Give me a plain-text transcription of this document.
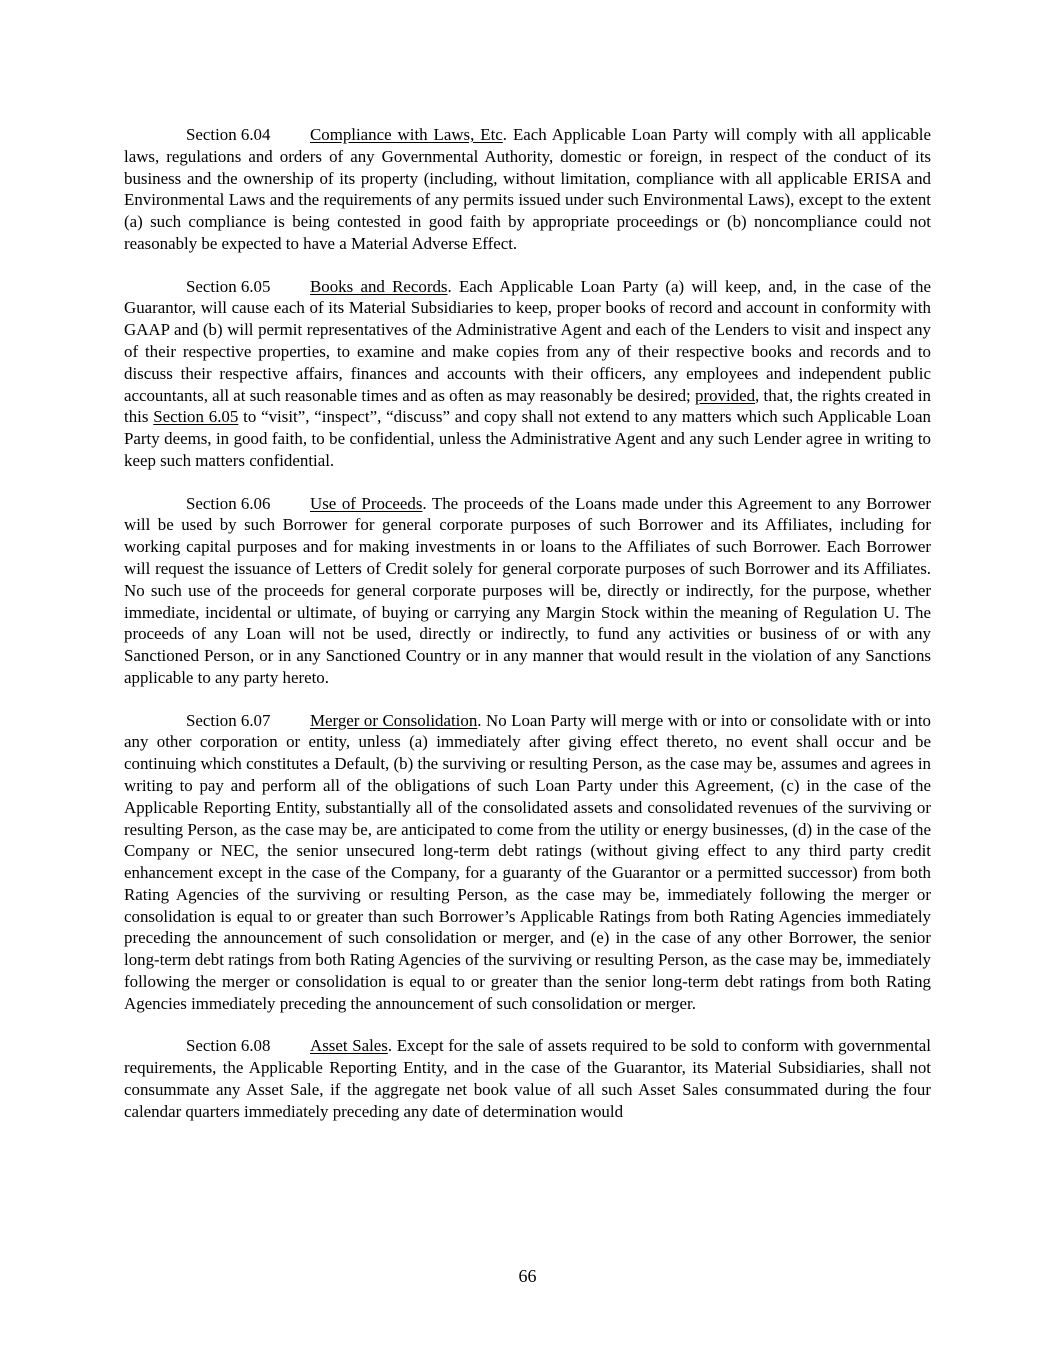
Section 6.04 Compliance with Laws, Etc. Each Applicable Loan Party will comply with all applicable laws, regulations and orders of any Governmental Authority, domestic or foreign, in respect of the conduct of its business and the ownership of its property (including, without limitation, compliance with all applicable ERISA and Environmental Laws and the requirements of any permits issued under such Environmental Laws), except to the extent (a) such compliance is being contested in good faith by appropriate proceedings or (b) noncompliance could not reasonably be expected to have a Material Adverse Effect.

Section 6.05 Books and Records. Each Applicable Loan Party (a) will keep, and, in the case of the Guarantor, will cause each of its Material Subsidiaries to keep, proper books of record and account in conformity with GAAP and (b) will permit representatives of the Administrative Agent and each of the Lenders to visit and inspect any of their respective properties, to examine and make copies from any of their respective books and records and to discuss their respective affairs, finances and accounts with their officers, any employees and independent public accountants, all at such reasonable times and as often as may reasonably be desired; provided, that, the rights created in this Section 6.05 to “visit”, “inspect”, “discuss” and copy shall not extend to any matters which such Applicable Loan Party deems, in good faith, to be confidential, unless the Administrative Agent and any such Lender agree in writing to keep such matters confidential.

Section 6.06 Use of Proceeds. The proceeds of the Loans made under this Agreement to any Borrower will be used by such Borrower for general corporate purposes of such Borrower and its Affiliates, including for working capital purposes and for making investments in or loans to the Affiliates of such Borrower. Each Borrower will request the issuance of Letters of Credit solely for general corporate purposes of such Borrower and its Affiliates. No such use of the proceeds for general corporate purposes will be, directly or indirectly, for the purpose, whether immediate, incidental or ultimate, of buying or carrying any Margin Stock within the meaning of Regulation U. The proceeds of any Loan will not be used, directly or indirectly, to fund any activities or business of or with any Sanctioned Person, or in any Sanctioned Country or in any manner that would result in the violation of any Sanctions applicable to any party hereto.

Section 6.07 Merger or Consolidation. No Loan Party will merge with or into or consolidate with or into any other corporation or entity, unless (a) immediately after giving effect thereto, no event shall occur and be continuing which constitutes a Default, (b) the surviving or resulting Person, as the case may be, assumes and agrees in writing to pay and perform all of the obligations of such Loan Party under this Agreement, (c) in the case of the Applicable Reporting Entity, substantially all of the consolidated assets and consolidated revenues of the surviving or resulting Person, as the case may be, are anticipated to come from the utility or energy businesses, (d) in the case of the Company or NEC, the senior unsecured long-term debt ratings (without giving effect to any third party credit enhancement except in the case of the Company, for a guaranty of the Guarantor or a permitted successor) from both Rating Agencies of the surviving or resulting Person, as the case may be, immediately following the merger or consolidation is equal to or greater than such Borrower’s Applicable Ratings from both Rating Agencies immediately preceding the announcement of such consolidation or merger, and (e) in the case of any other Borrower, the senior long-term debt ratings from both Rating Agencies of the surviving or resulting Person, as the case may be, immediately following the merger or consolidation is equal to or greater than the senior long-term debt ratings from both Rating Agencies immediately preceding the announcement of such consolidation or merger.

Section 6.08 Asset Sales. Except for the sale of assets required to be sold to conform with governmental requirements, the Applicable Reporting Entity, and in the case of the Guarantor, its Material Subsidiaries, shall not consummate any Asset Sale, if the aggregate net book value of all such Asset Sales consummated during the four calendar quarters immediately preceding any date of determination would

66
